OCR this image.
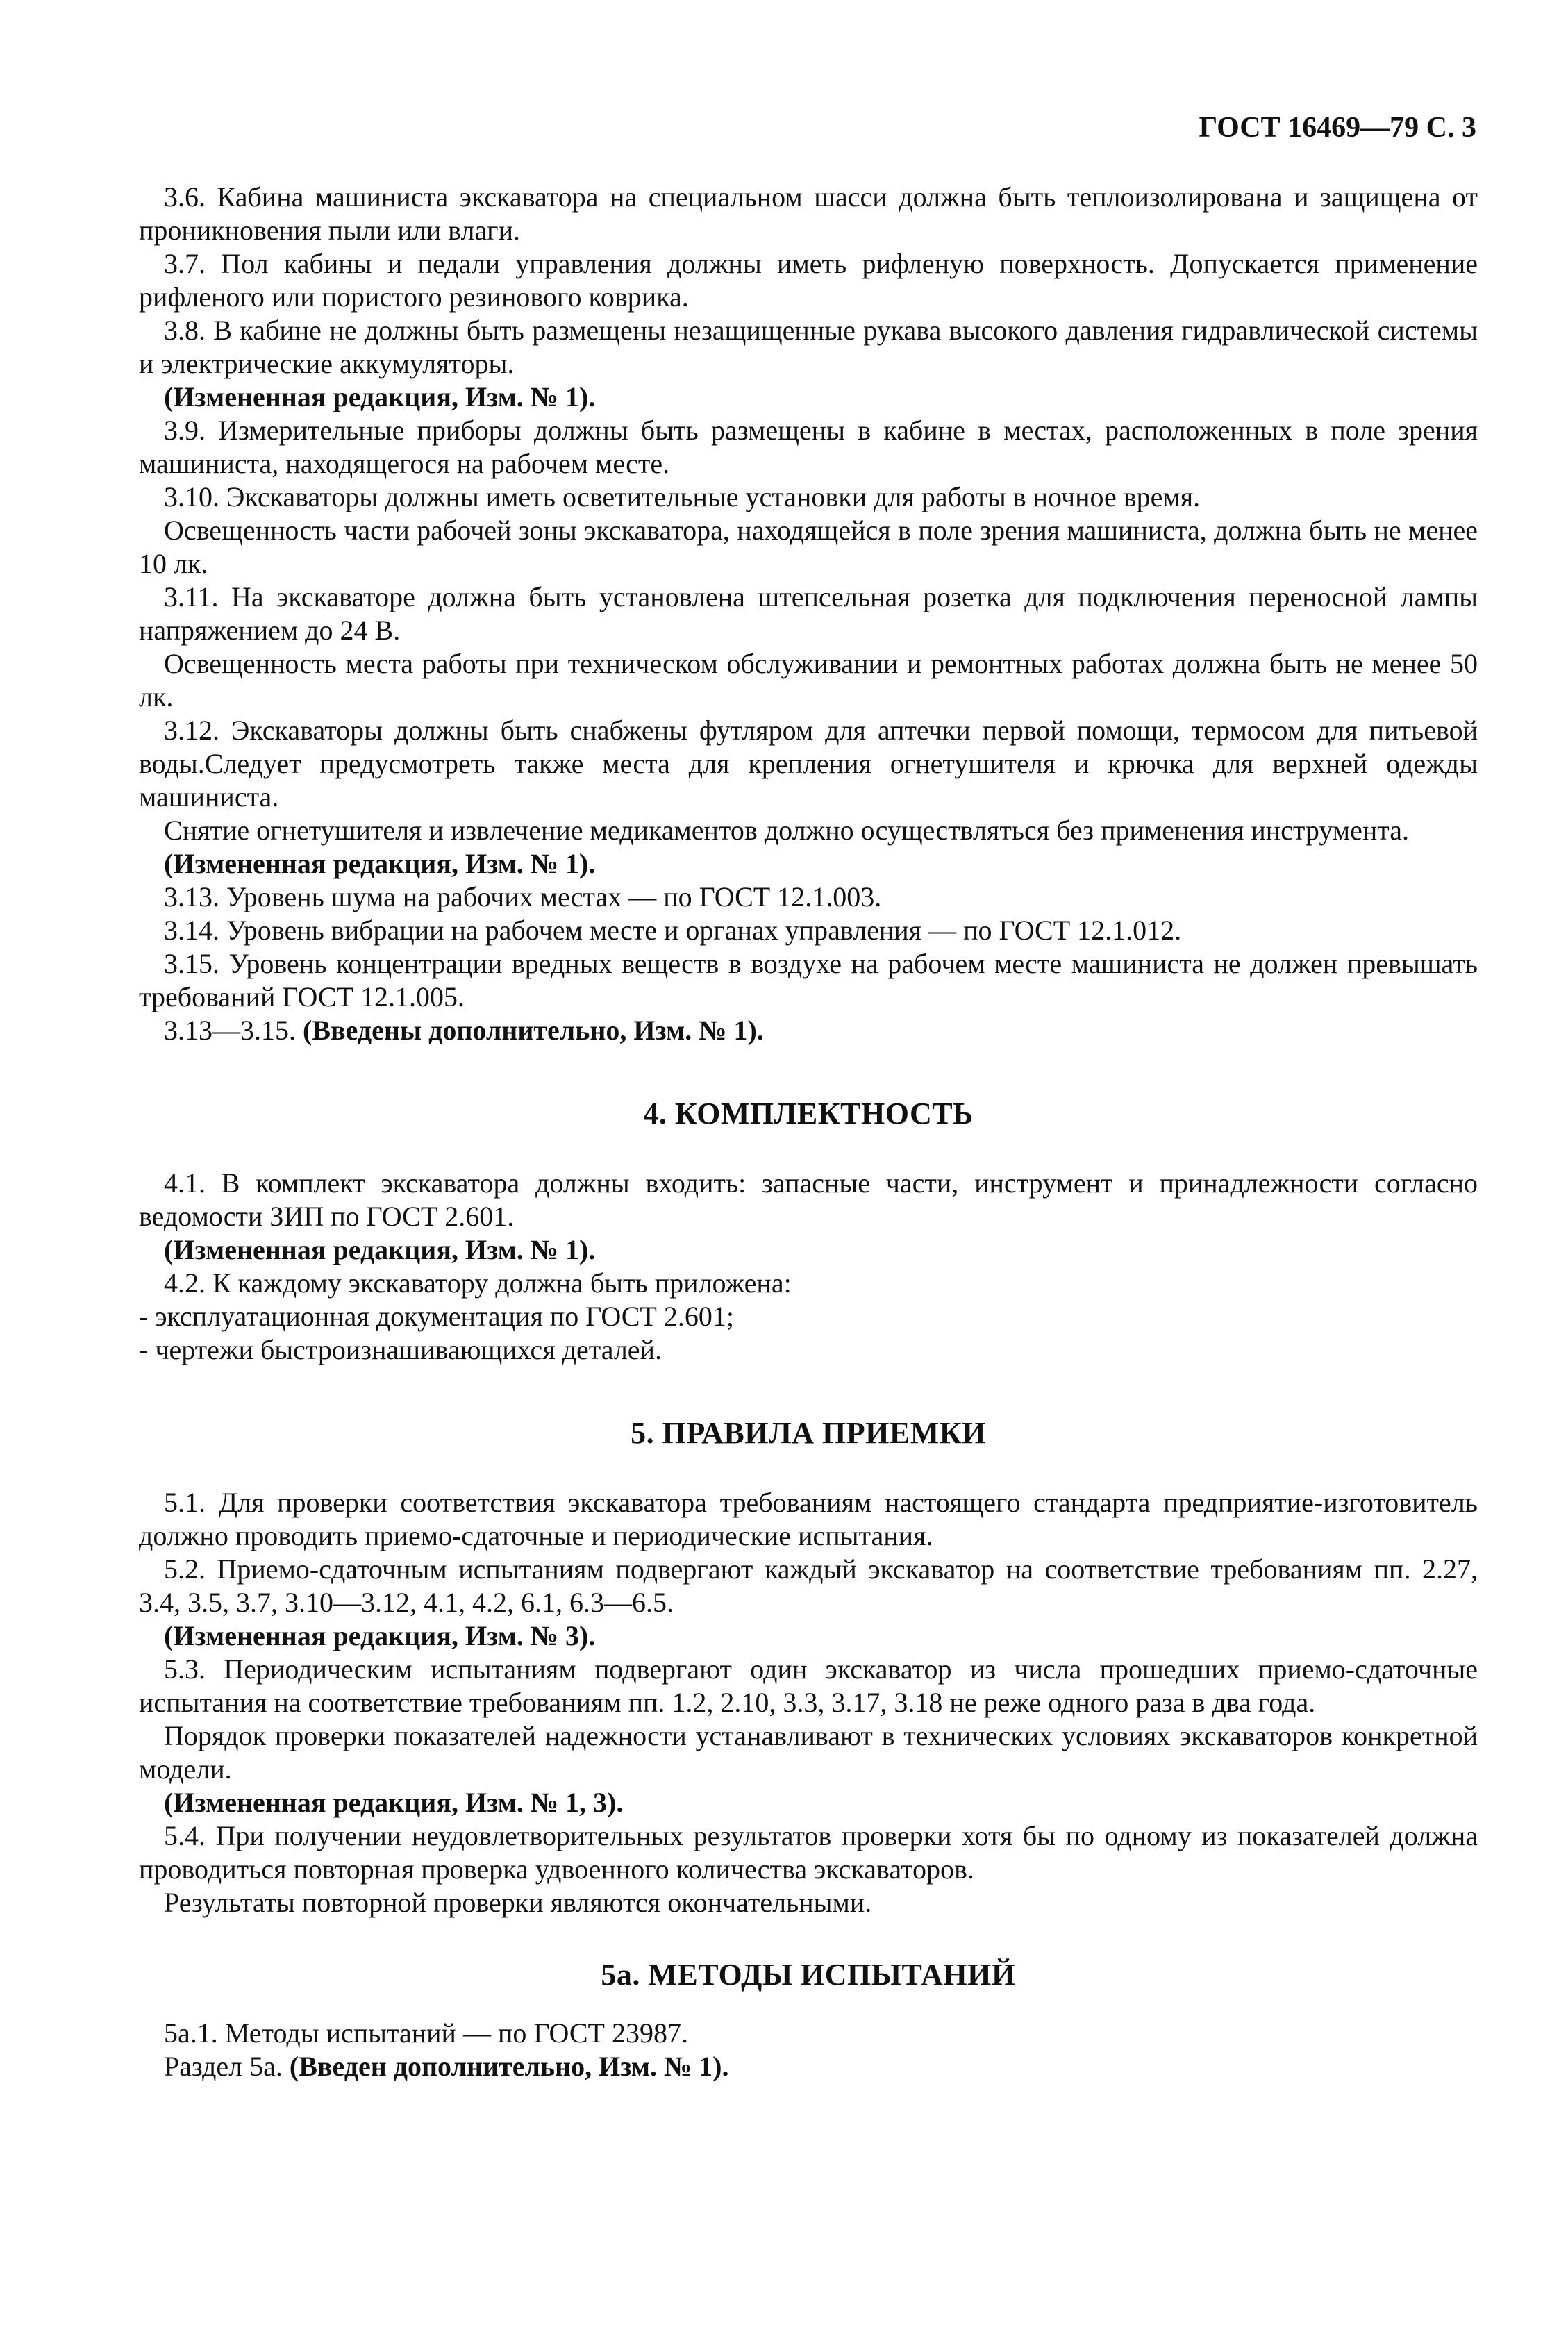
ГОСТ 16469—79 С. 3

3.6. Кабина машиниста экскаватора на специальном шасси должна быть теплоизолирована и защищена от проникновения пыли или влаги.

3.7. Пол кабины и педали управления должны иметь рифленую поверхность. Допускается применение рифленого или пористого резинового коврика.

3.8. В кабине не должны быть размещены незащищенные рукава высокого давления гидравлической системы и электрические аккумуляторы.

(Измененная редакция, Изм. № 1).

3.9. Измерительные приборы должны быть размещены в кабине в местах, расположенных в поле зрения машиниста, находящегося на рабочем месте.

3.10. Экскаваторы должны иметь осветительные установки для работы в ночное время.

Освещенность части рабочей зоны экскаватора, находящейся в поле зрения машиниста, должна быть не менее 10 лк.

3.11. На экскаваторе должна быть установлена штепсельная розетка для подключения переносной лампы напряжением до 24 В.

Освещенность места работы при техническом обслуживании и ремонтных работах должна быть не менее 50 лк.

3.12. Экскаваторы должны быть снабжены футляром для аптечки первой помощи, термосом для питьевой воды.Следует предусмотреть также места для крепления огнетушителя и крючка для верхней одежды машиниста.

Снятие огнетушителя и извлечение медикаментов должно осуществляться без применения инструмента.

(Измененная редакция, Изм. № 1).

3.13. Уровень шума на рабочих местах — по ГОСТ 12.1.003.

3.14. Уровень вибрации на рабочем месте и органах управления — по ГОСТ 12.1.012.

3.15. Уровень концентрации вредных веществ в воздухе на рабочем месте машиниста не должен превышать требований ГОСТ 12.1.005.

3.13—3.15. (Введены дополнительно, Изм. № 1).

4. КОМПЛЕКТНОСТЬ

4.1. В комплект экскаватора должны входить: запасные части, инструмент и принадлежности согласно ведомости ЗИП по ГОСТ 2.601.

(Измененная редакция, Изм. № 1).

4.2. К каждому экскаватору должна быть приложена:

- эксплуатационная документация по ГОСТ 2.601;

- чертежи быстроизнашивающихся деталей.

5. ПРАВИЛА ПРИЕМКИ

5.1. Для проверки соответствия экскаватора требованиям настоящего стандарта предприятие-изготовитель должно проводить приемо-сдаточные и периодические испытания.

5.2. Приемо-сдаточным испытаниям подвергают каждый экскаватор на соответствие требованиям пп. 2.27, 3.4, 3.5, 3.7, 3.10—3.12, 4.1, 4.2, 6.1, 6.3—6.5.

(Измененная редакция, Изм. № 3).

5.3. Периодическим испытаниям подвергают один экскаватор из числа прошедших приемо-сдаточные испытания на соответствие требованиям пп. 1.2, 2.10, 3.3, 3.17, 3.18 не реже одного раза в два года.

Порядок проверки показателей надежности устанавливают в технических условиях экскаваторов конкретной модели.

(Измененная редакция, Изм. № 1, 3).

5.4. При получении неудовлетворительных результатов проверки хотя бы по одному из показателей должна проводиться повторная проверка удвоенного количества экскаваторов.

Результаты повторной проверки являются окончательными.

5а. МЕТОДЫ ИСПЫТАНИЙ

5а.1. Методы испытаний — по ГОСТ 23987.

Раздел 5а. (Введен дополнительно, Изм. № 1).
